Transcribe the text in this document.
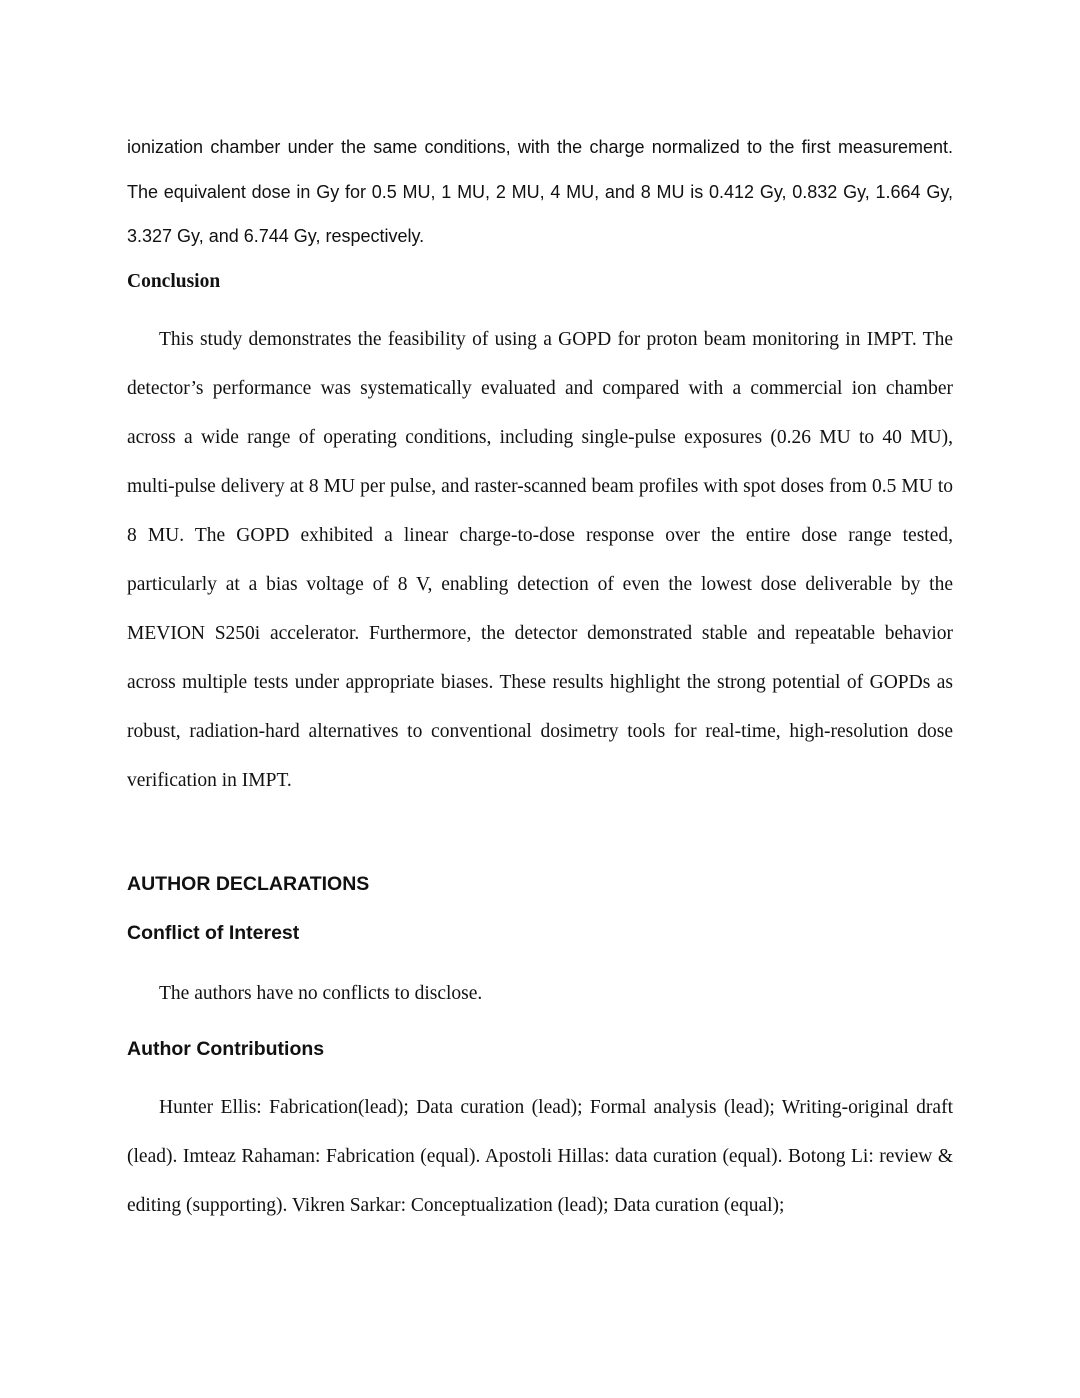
ionization chamber under the same conditions, with the charge normalized to the first measurement. The equivalent dose in Gy for 0.5 MU, 1 MU, 2 MU, 4 MU, and 8 MU is 0.412 Gy, 0.832 Gy, 1.664 Gy, 3.327 Gy, and 6.744 Gy, respectively.

Conclusion

This study demonstrates the feasibility of using a GOPD for proton beam monitoring in IMPT. The detector’s performance was systematically evaluated and compared with a commercial ion chamber across a wide range of operating conditions, including single-pulse exposures (0.26 MU to 40 MU), multi-pulse delivery at 8 MU per pulse, and raster-scanned beam profiles with spot doses from 0.5 MU to 8 MU. The GOPD exhibited a linear charge-to-dose response over the entire dose range tested, particularly at a bias voltage of 8 V, enabling detection of even the lowest dose deliverable by the MEVION S250i accelerator. Furthermore, the detector demonstrated stable and repeatable behavior across multiple tests under appropriate biases. These results highlight the strong potential of GOPDs as robust, radiation-hard alternatives to conventional dosimetry tools for real-time, high-resolution dose verification in IMPT.

AUTHOR DECLARATIONS

Conflict of Interest

The authors have no conflicts to disclose.

Author Contributions

Hunter Ellis: Fabrication(lead); Data curation (lead); Formal analysis (lead); Writing-original draft (lead). Imteaz Rahaman: Fabrication (equal). Apostoli Hillas: data curation (equal). Botong Li: review & editing (supporting). Vikren Sarkar: Conceptualization (lead); Data curation (equal);
